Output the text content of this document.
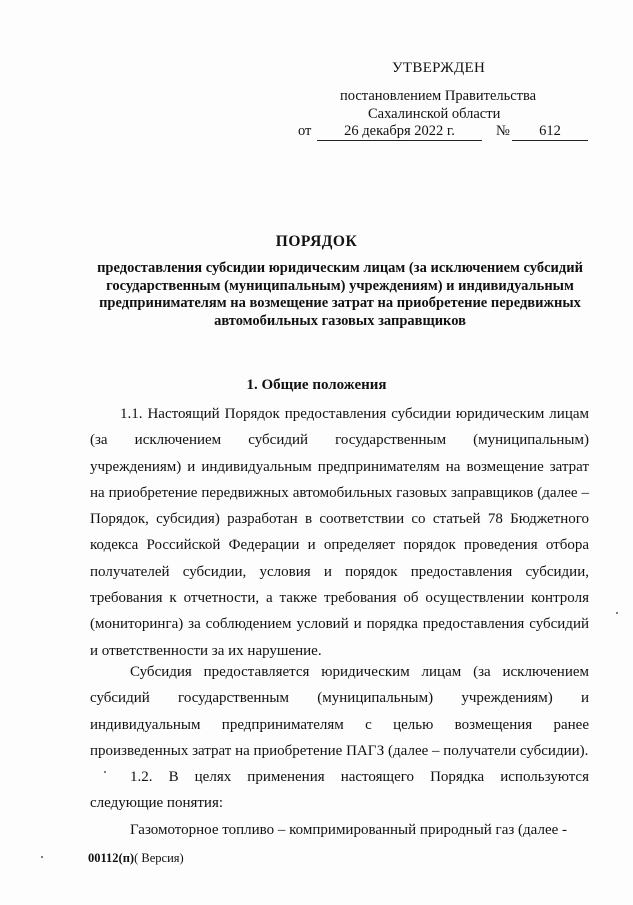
УТВЕРЖДЕН
постановлением Правительства
Сахалинской области
от	26 декабря 2022 г.	№	612
ПОРЯДОК
предоставления субсидии юридическим лицам (за исключением субсидий государственным (муниципальным) учреждениям) и индивидуальным предпринимателям на возмещение затрат на приобретение передвижных автомобильных газовых заправщиков
1. Общие положения
1.1. Настоящий Порядок предоставления субсидии юридическим лицам (за исключением субсидий государственным (муниципальным) учреждениям) и индивидуальным предпринимателям на возмещение затрат на приобретение передвижных автомобильных газовых заправщиков (далее – Порядок, субсидия) разработан в соответствии со статьей 78 Бюджетного кодекса Российской Федерации и определяет порядок проведения отбора получателей субсидии, условия и порядок предоставления субсидии, требования к отчетности, а также требования об осуществлении контроля (мониторинга) за соблюдением условий и порядка предоставления субсидий и ответственности за их нарушение.
Субсидия предоставляется юридическим лицам (за исключением субсидий государственным (муниципальным) учреждениям) и индивидуальным предпринимателям с целью возмещения ранее произведенных затрат на приобретение ПАГЗ (далее – получатели субсидии).
1.2. В целях применения настоящего Порядка используются следующие понятия:
Газомоторное топливо – компримированный природный газ (далее -
00112(п)( Версия)
